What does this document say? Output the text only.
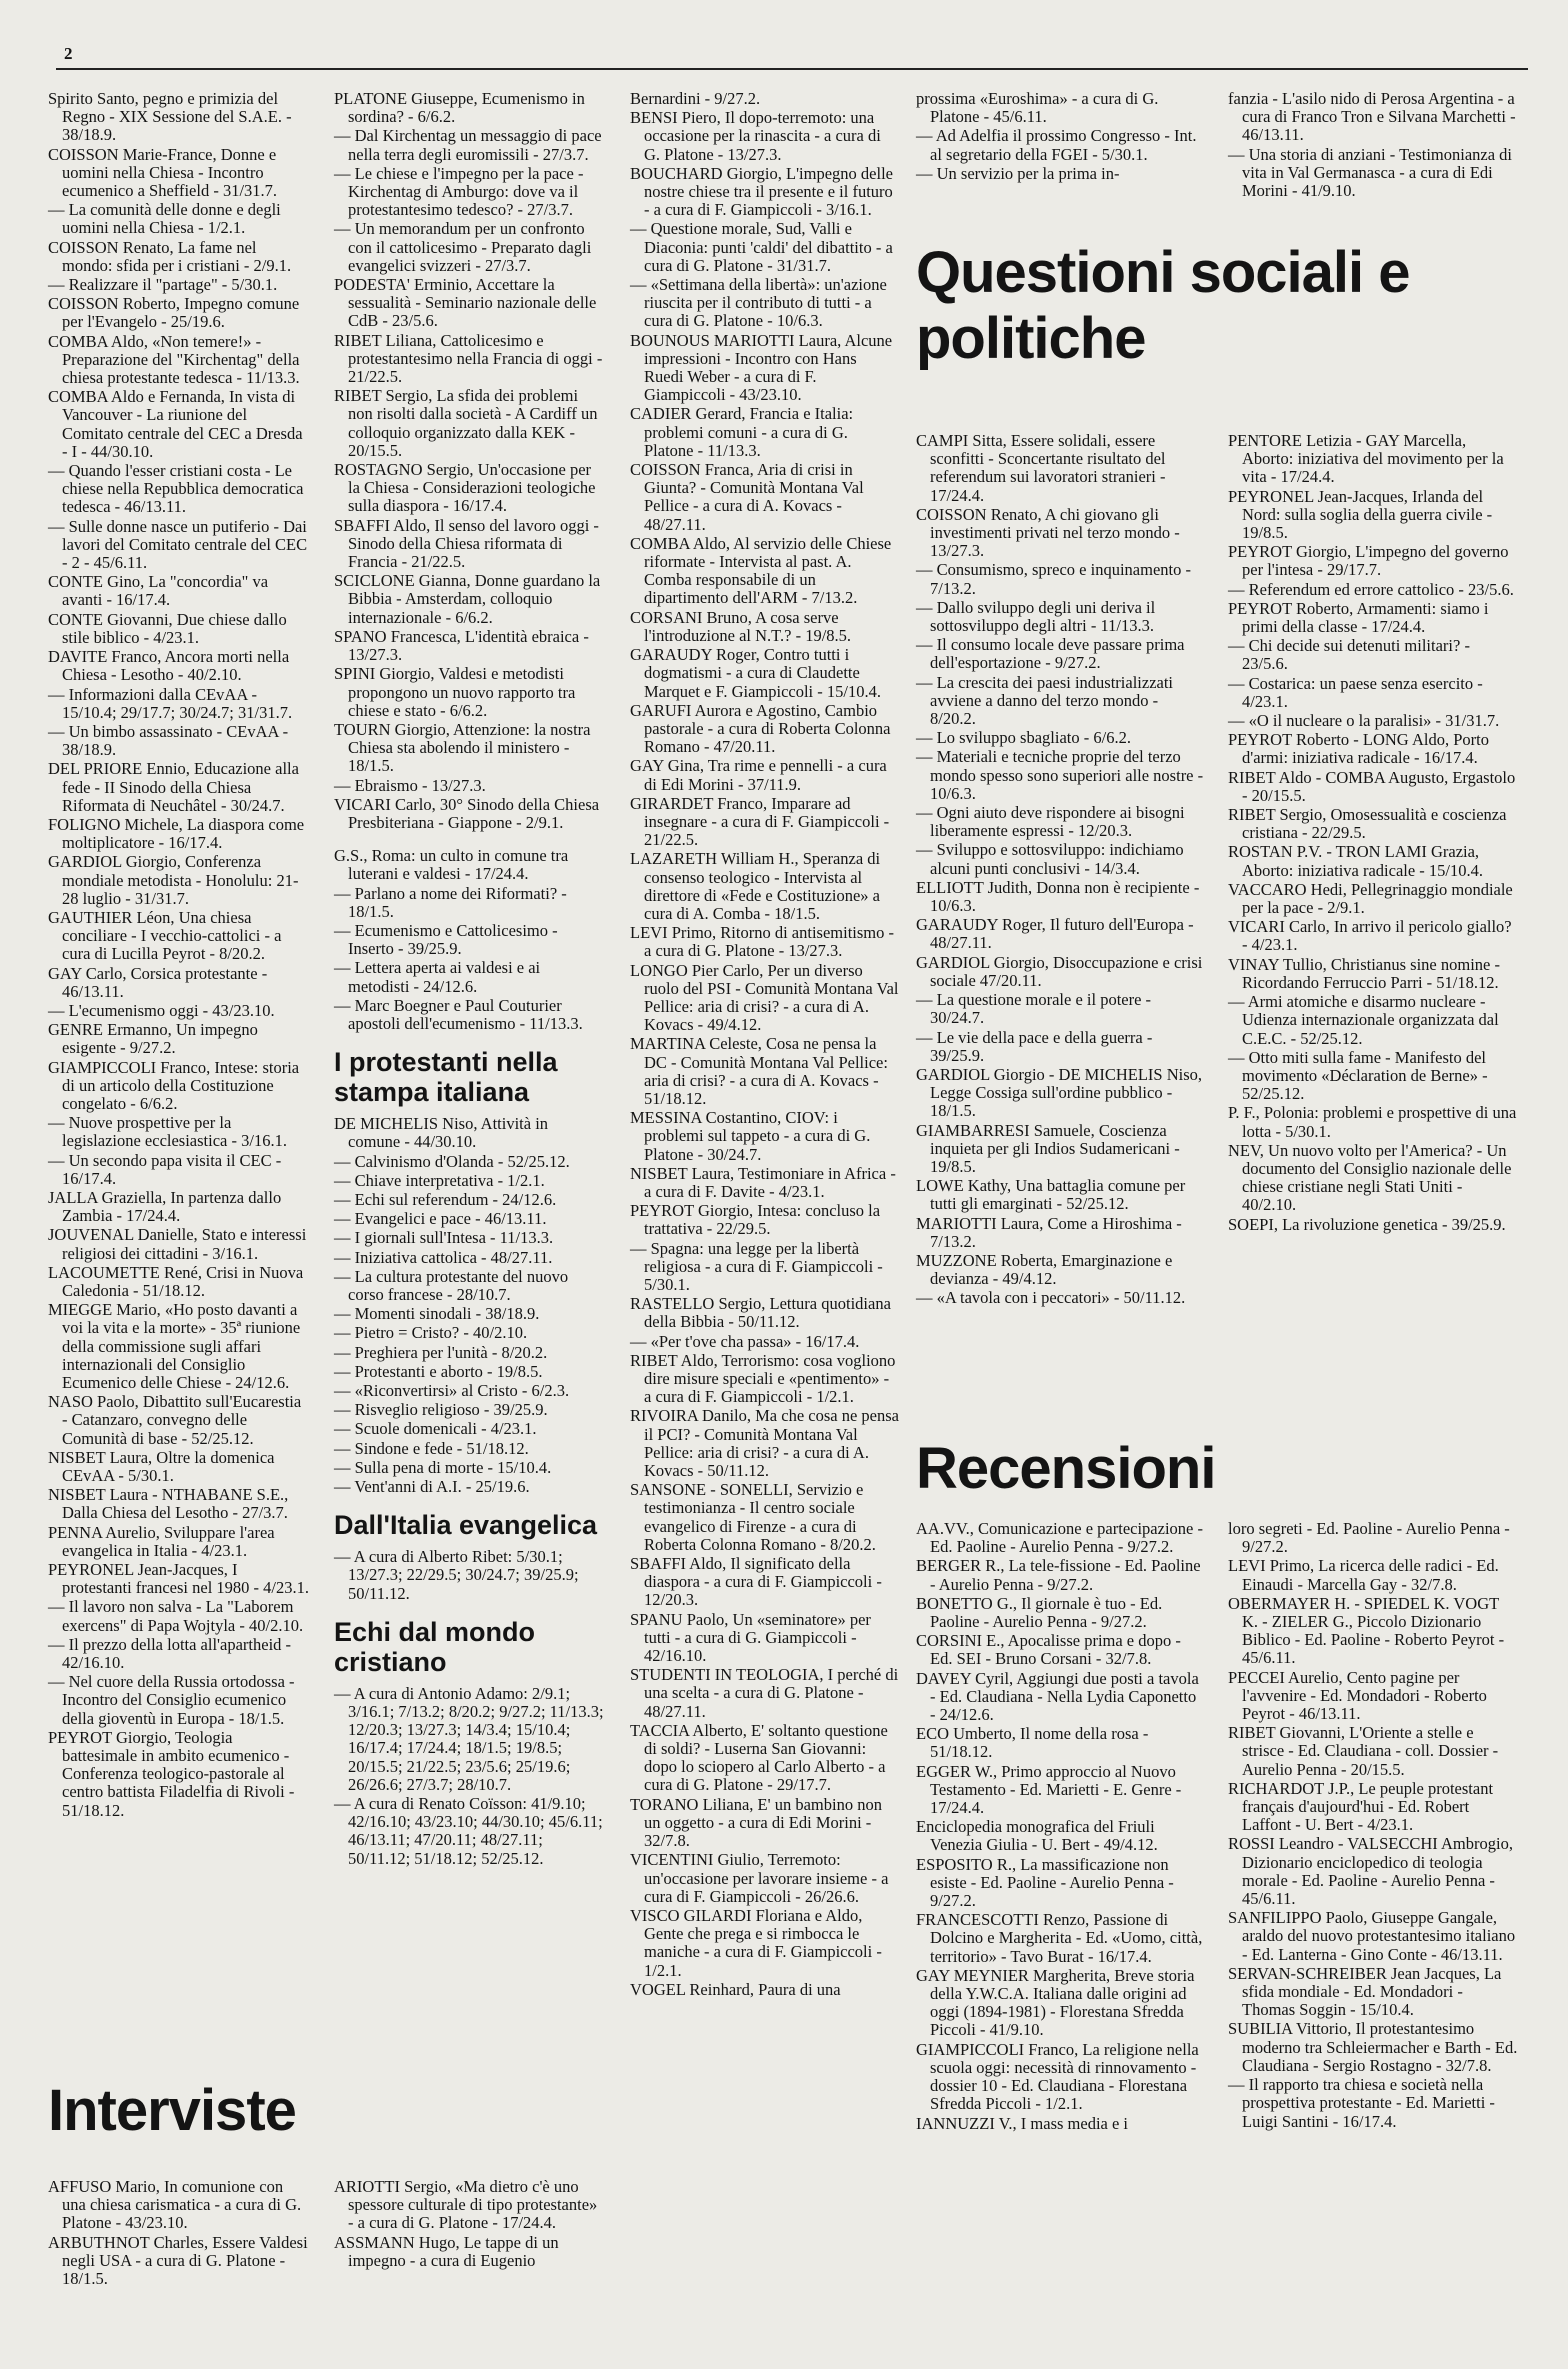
2
Spirito Santo, pegno e primizia del Regno - XIX Sessione del S.A.E. - 38/18.9.
COISSON Marie-France, Donne e uomini nella Chiesa - Incontro ecumenico a Sheffield - 31/31.7.
— La comunità delle donne e degli uomini nella Chiesa - 1/2.1.
COISSON Renato, La fame nel mondo: sfida per i cristiani - 2/9.1.
— Realizzare il "partage" - 5/30.1.
COISSON Roberto, Impegno comune per l'Evangelo - 25/19.6.
COMBA Aldo, «Non temere!» - Preparazione del "Kirchentag" della chiesa protestante tedesca - 11/13.3.
COMBA Aldo e Fernanda, In vista di Vancouver - La riunione del Comitato centrale del CEC a Dresda - I - 44/30.10.
— Quando l'esser cristiani costa - Le chiese nella Repubblica democratica tedesca - 46/13.11.
— Sulle donne nasce un putiferio - Dai lavori del Comitato centrale del CEC - 2 - 45/6.11.
CONTE Gino, La "concordia" va avanti - 16/17.4.
CONTE Giovanni, Due chiese dallo stile biblico - 4/23.1.
DAVITE Franco, Ancora morti nella Chiesa - Lesotho - 40/2.10.
— Informazioni dalla CEvAA - 15/10.4; 29/17.7; 30/24.7; 31/31.7.
— Un bimbo assassinato - CEvAA - 38/18.9.
DEL PRIORE Ennio, Educazione alla fede - II Sinodo della Chiesa Riformata di Neuchâtel - 30/24.7.
FOLIGNO Michele, La diaspora come moltiplicatore - 16/17.4.
GARDIOL Giorgio, Conferenza mondiale metodista - Honolulu: 21-28 luglio - 31/31.7.
GAUTHIER Léon, Una chiesa conciliare - I vecchio-cattolici - a cura di Lucilla Peyrot - 8/20.2.
GAY Carlo, Corsica protestante - 46/13.11.
— L'ecumenismo oggi - 43/23.10.
GENRE Ermanno, Un impegno esigente - 9/27.2.
GIAMPICCOLI Franco, Intese: storia di un articolo della Costituzione congelato - 6/6.2.
— Nuove prospettive per la legislazione ecclesiastica - 3/16.1.
— Un secondo papa visita il CEC - 16/17.4.
JALLA Graziella, In partenza dallo Zambia - 17/24.4.
JOUVENAL Danielle, Stato e interessi religiosi dei cittadini - 3/16.1.
LACOUMETTE René, Crisi in Nuova Caledonia - 51/18.12.
MIEGGE Mario, «Ho posto davanti a voi la vita e la morte» - 35ª riunione della commissione sugli affari internazionali del Consiglio Ecumenico delle Chiese - 24/12.6.
NASO Paolo, Dibattito sull'Eucarestia - Catanzaro, convegno delle Comunità di base - 52/25.12.
NISBET Laura, Oltre la domenica CEvAA - 5/30.1.
NISBET Laura - NTHABANE S.E., Dalla Chiesa del Lesotho - 27/3.7.
PENNA Aurelio, Sviluppare l'area evangelica in Italia - 4/23.1.
PEYRONEL Jean-Jacques, I protestanti francesi nel 1980 - 4/23.1.
— Il lavoro non salva - La "Laborem exercens" di Papa Wojtyla - 40/2.10.
— Il prezzo della lotta all'apartheid - 42/16.10.
— Nel cuore della Russia ortodossa - Incontro del Consiglio ecumenico della gioventù in Europa - 18/1.5.
PEYROT Giorgio, Teologia battesimale in ambito ecumenico - Conferenza teologico-pastorale al centro battista Filadelfia di Rivoli - 51/18.12.
PLATONE Giuseppe, Ecumenismo in sordina? - 6/6.2.
— Dal Kirchentag un messaggio di pace nella terra degli euromissili - 27/3.7.
— Le chiese e l'impegno per la pace - Kirchentag di Amburgo: dove va il protestantesimo tedesco? - 27/3.7.
— Un memorandum per un confronto con il cattolicesimo - Preparato dagli evangelici svizzeri - 27/3.7.
PODESTA' Erminio, Accettare la sessualità - Seminario nazionale delle CdB - 23/5.6.
RIBET Liliana, Cattolicesimo e protestantesimo nella Francia di oggi - 21/22.5.
RIBET Sergio, La sfida dei problemi non risolti dalla società - A Cardiff un colloquio organizzato dalla KEK - 20/15.5.
ROSTAGNO Sergio, Un'occasione per la Chiesa - Considerazioni teologiche sulla diaspora - 16/17.4.
SBAFFI Aldo, Il senso del lavoro oggi - Sinodo della Chiesa riformata di Francia - 21/22.5.
SCICLONE Gianna, Donne guardano la Bibbia - Amsterdam, colloquio internazionale - 6/6.2.
SPANO Francesca, L'identità ebraica - 13/27.3.
SPINI Giorgio, Valdesi e metodisti propongono un nuovo rapporto tra chiese e stato - 6/6.2.
TOURN Giorgio, Attenzione: la nostra Chiesa sta abolendo il ministero - 18/1.5.
— Ebraismo - 13/27.3.
VICARI Carlo, 30° Sinodo della Chiesa Presbiteriana - Giappone - 2/9.1.
G.S., Roma: un culto in comune tra luterani e valdesi - 17/24.4.
— Parlano a nome dei Riformati? - 18/1.5.
— Ecumenismo e Cattolicesimo - Inserto - 39/25.9.
— Lettera aperta ai valdesi e ai metodisti - 24/12.6.
— Marc Boegner e Paul Couturier apostoli dell'ecumenismo - 11/13.3.
I protestanti nella stampa italiana
DE MICHELIS Niso, Attività in comune - 44/30.10.
— Calvinismo d'Olanda - 52/25.12.
— Chiave interpretativa - 1/2.1.
— Echi sul referendum - 24/12.6.
— Evangelici e pace - 46/13.11.
— I giornali sull'Intesa - 11/13.3.
— Iniziativa cattolica - 48/27.11.
— La cultura protestante del nuovo corso francese - 28/10.7.
— Momenti sinodali - 38/18.9.
— Pietro = Cristo? - 40/2.10.
— Preghiera per l'unità - 8/20.2.
— Protestanti e aborto - 19/8.5.
— «Riconvertirsi» al Cristo - 6/2.3.
— Risveglio religioso - 39/25.9.
— Scuole domenicali - 4/23.1.
— Sindone e fede - 51/18.12.
— Sulla pena di morte - 15/10.4.
— Vent'anni di A.I. - 25/19.6.
Dall'Italia evangelica
— A cura di Alberto Ribet: 5/30.1; 13/27.3; 22/29.5; 30/24.7; 39/25.9; 50/11.12.
Echi dal mondo cristiano
— A cura di Antonio Adamo: 2/9.1; 3/16.1; 7/13.2; 8/20.2; 9/27.2; 11/13.3; 12/20.3; 13/27.3; 14/3.4; 15/10.4; 16/17.4; 17/24.4; 18/1.5; 19/8.5; 20/15.5; 21/22.5; 23/5.6; 25/19.6; 26/26.6; 27/3.7; 28/10.7.
— A cura di Renato Coïsson: 41/9.10; 42/16.10; 43/23.10; 44/30.10; 45/6.11; 46/13.11; 47/20.11; 48/27.11; 50/11.12; 51/18.12; 52/25.12.
Bernardini - 9/27.2.
BENSI Piero, Il dopo-terremoto: una occasione per la rinascita - a cura di G. Platone - 13/27.3.
BOUCHARD Giorgio, L'impegno delle nostre chiese tra il presente e il futuro - a cura di F. Giampiccoli - 3/16.1.
— Questione morale, Sud, Valli e Diaconia: punti 'caldi' del dibattito - a cura di G. Platone - 31/31.7.
— «Settimana della libertà»: un'azione riuscita per il contributo di tutti - a cura di G. Platone - 10/6.3.
BOUNOUS MARIOTTI Laura, Alcune impressioni - Incontro con Hans Ruedi Weber - a cura di F. Giampiccoli - 43/23.10.
CADIER Gerard, Francia e Italia: problemi comuni - a cura di G. Platone - 11/13.3.
COISSON Franca, Aria di crisi in Giunta? - Comunità Montana Val Pellice - a cura di A. Kovacs - 48/27.11.
COMBA Aldo, Al servizio delle Chiese riformate - Intervista al past. A. Comba responsabile di un dipartimento dell'ARM - 7/13.2.
CORSANI Bruno, A cosa serve l'introduzione al N.T.? - 19/8.5.
GARAUDY Roger, Contro tutti i dogmatismi - a cura di Claudette Marquet e F. Giampiccoli - 15/10.4.
GARUFI Aurora e Agostino, Cambio pastorale - a cura di Roberta Colonna Romano - 47/20.11.
GAY Gina, Tra rime e pennelli - a cura di Edi Morini - 37/11.9.
GIRARDET Franco, Imparare ad insegnare - a cura di F. Giampiccoli - 21/22.5.
LAZARETH William H., Speranza di consenso teologico - Intervista al direttore di «Fede e Costituzione» a cura di A. Comba - 18/1.5.
LEVI Primo, Ritorno di antisemitismo - a cura di G. Platone - 13/27.3.
LONGO Pier Carlo, Per un diverso ruolo del PSI - Comunità Montana Val Pellice: aria di crisi? - a cura di A. Kovacs - 49/4.12.
MARTINA Celeste, Cosa ne pensa la DC - Comunità Montana Val Pellice: aria di crisi? - a cura di A. Kovacs - 51/18.12.
MESSINA Costantino, CIOV: i problemi sul tappeto - a cura di G. Platone - 30/24.7.
NISBET Laura, Testimoniare in Africa - a cura di F. Davite - 4/23.1.
PEYROT Giorgio, Intesa: concluso la trattativa - 22/29.5.
— Spagna: una legge per la libertà religiosa - a cura di F. Giampiccoli - 5/30.1.
RASTELLO Sergio, Lettura quotidiana della Bibbia - 50/11.12.
— «Per t'ove cha passa» - 16/17.4.
RIBET Aldo, Terrorismo: cosa vogliono dire misure speciali e «pentimento» - a cura di F. Giampiccoli - 1/2.1.
RIVOIRA Danilo, Ma che cosa ne pensa il PCI? - Comunità Montana Val Pellice: aria di crisi? - a cura di A. Kovacs - 50/11.12.
SANSONE - SONELLI, Servizio e testimonianza - Il centro sociale evangelico di Firenze - a cura di Roberta Colonna Romano - 8/20.2.
SBAFFI Aldo, Il significato della diaspora - a cura di F. Giampiccoli - 12/20.3.
SPANU Paolo, Un «seminatore» per tutti - a cura di G. Giampiccoli - 42/16.10.
STUDENTI IN TEOLOGIA, I perché di una scelta - a cura di G. Platone - 48/27.11.
TACCIA Alberto, E' soltanto questione di soldi? - Luserna San Giovanni: dopo lo sciopero al Carlo Alberto - a cura di G. Platone - 29/17.7.
TORANO Liliana, E' un bambino non un oggetto - a cura di Edi Morini - 32/7.8.
VICENTINI Giulio, Terremoto: un'occasione per lavorare insieme - a cura di F. Giampiccoli - 26/26.6.
VISCO GILARDI Floriana e Aldo, Gente che prega e si rimbocca le maniche - a cura di F. Giampiccoli - 1/2.1.
VOGEL Reinhard, Paura di una
prossima «Euroshima» - a cura di G. Platone - 45/6.11.
— Ad Adelfia il prossimo Congresso - Int. al segretario della FGEI - 5/30.1.
— Un servizio per la prima in-
fanzia - L'asilo nido di Perosa Argentina - a cura di Franco Tron e Silvana Marchetti - 46/13.11.
— Una storia di anziani - Testimonianza di vita in Val Germanasca - a cura di Edi Morini - 41/9.10.
Questioni sociali e politiche
CAMPI Sitta, Essere solidali, essere sconfitti - Sconcertante risultato del referendum sui lavoratori stranieri - 17/24.4.
COISSON Renato, A chi giovano gli investimenti privati nel terzo mondo - 13/27.3.
— Consumismo, spreco e inquinamento - 7/13.2.
— Dallo sviluppo degli uni deriva il sottosviluppo degli altri - 11/13.3.
— Il consumo locale deve passare prima dell'esportazione - 9/27.2.
— La crescita dei paesi industrializzati avviene a danno del terzo mondo - 8/20.2.
— Lo sviluppo sbagliato - 6/6.2.
— Materiali e tecniche proprie del terzo mondo spesso sono superiori alle nostre - 10/6.3.
— Ogni aiuto deve rispondere ai bisogni liberamente espressi - 12/20.3.
— Sviluppo e sottosviluppo: indichiamo alcuni punti conclusivi - 14/3.4.
ELLIOTT Judith, Donna non è recipiente - 10/6.3.
GARAUDY Roger, Il futuro dell'Europa - 48/27.11.
GARDIOL Giorgio, Disoccupazione e crisi sociale 47/20.11.
— La questione morale e il potere - 30/24.7.
— Le vie della pace e della guerra - 39/25.9.
GARDIOL Giorgio - DE MICHELIS Niso, Legge Cossiga sull'ordine pubblico - 18/1.5.
GIAMBARRESI Samuele, Coscienza inquieta per gli Indios Sudamericani - 19/8.5.
LOWE Kathy, Una battaglia comune per tutti gli emarginati - 52/25.12.
MARIOTTI Laura, Come a Hiroshima - 7/13.2.
MUZZONE Roberta, Emarginazione e devianza - 49/4.12.
— «A tavola con i peccatori» - 50/11.12.
PENTORE Letizia - GAY Marcella, Aborto: iniziativa del movimento per la vita - 17/24.4.
PEYRONEL Jean-Jacques, Irlanda del Nord: sulla soglia della guerra civile - 19/8.5.
PEYROT Giorgio, L'impegno del governo per l'intesa - 29/17.7.
— Referendum ed errore cattolico - 23/5.6.
PEYROT Roberto, Armamenti: siamo i primi della classe - 17/24.4.
— Chi decide sui detenuti militari? - 23/5.6.
— Costarica: un paese senza esercito - 4/23.1.
— «O il nucleare o la paralisi» - 31/31.7.
PEYROT Roberto - LONG Aldo, Porto d'armi: iniziativa radicale - 16/17.4.
RIBET Aldo - COMBA Augusto, Ergastolo - 20/15.5.
RIBET Sergio, Omosessualità e coscienza cristiana - 22/29.5.
ROSTAN P.V. - TRON LAMI Grazia, Aborto: iniziativa radicale - 15/10.4.
VACCARO Hedi, Pellegrinaggio mondiale per la pace - 2/9.1.
VICARI Carlo, In arrivo il pericolo giallo? - 4/23.1.
VINAY Tullio, Christianus sine nomine - Ricordando Ferruccio Parri - 51/18.12.
— Armi atomiche e disarmo nucleare - Udienza internazionale organizzata dal C.E.C. - 52/25.12.
— Otto miti sulla fame - Manifesto del movimento «Déclaration de Berne» - 52/25.12.
P. F., Polonia: problemi e prospettive di una lotta - 5/30.1.
NEV, Un nuovo volto per l'America? - Un documento del Consiglio nazionale delle chiese cristiane negli Stati Uniti - 40/2.10.
SOEPI, La rivoluzione genetica - 39/25.9.
Recensioni
AA.VV., Comunicazione e partecipazione - Ed. Paoline - Aurelio Penna - 9/27.2.
BERGER R., La tele-fissione - Ed. Paoline - Aurelio Penna - 9/27.2.
BONETTO G., Il giornale è tuo - Ed. Paoline - Aurelio Penna - 9/27.2.
CORSINI E., Apocalisse prima e dopo - Ed. SEI - Bruno Corsani - 32/7.8.
DAVEY Cyril, Aggiungi due posti a tavola - Ed. Claudiana - Nella Lydia Caponetto - 24/12.6.
ECO Umberto, Il nome della rosa - 51/18.12.
EGGER W., Primo approccio al Nuovo Testamento - Ed. Marietti - E. Genre - 17/24.4.
Enciclopedia monografica del Friuli Venezia Giulia - U. Bert - 49/4.12.
ESPOSITO R., La massificazione non esiste - Ed. Paoline - Aurelio Penna - 9/27.2.
FRANCESCOTTI Renzo, Passione di Dolcino e Margherita - Ed. «Uomo, città, territorio» - Tavo Burat - 16/17.4.
GAY MEYNIER Margherita, Breve storia della Y.W.C.A. Italiana dalle origini ad oggi (1894-1981) - Florestana Sfredda Piccoli - 41/9.10.
GIAMPICCOLI Franco, La religione nella scuola oggi: necessità di rinnovamento - dossier 10 - Ed. Claudiana - Florestana Sfredda Piccoli - 1/2.1.
IANNUZZI V., I mass media e i
loro segreti - Ed. Paoline - Aurelio Penna - 9/27.2.
LEVI Primo, La ricerca delle radici - Ed. Einaudi - Marcella Gay - 32/7.8.
OBERMAYER H. - SPIEDEL K. VOGT K. - ZIELER G., Piccolo Dizionario Biblico - Ed. Paoline - Roberto Peyrot - 45/6.11.
PECCEI Aurelio, Cento pagine per l'avvenire - Ed. Mondadori - Roberto Peyrot - 46/13.11.
RIBET Giovanni, L'Oriente a stelle e strisce - Ed. Claudiana - coll. Dossier - Aurelio Penna - 20/15.5.
RICHARDOT J.P., Le peuple protestant français d'aujourd'hui - Ed. Robert Laffont - U. Bert - 4/23.1.
ROSSI Leandro - VALSECCHI Ambrogio, Dizionario enciclopedico di teologia morale - Ed. Paoline - Aurelio Penna - 45/6.11.
SANFILIPPO Paolo, Giuseppe Gangale, araldo del nuovo protestantesimo italiano - Ed. Lanterna - Gino Conte - 46/13.11.
SERVAN-SCHREIBER Jean Jacques, La sfida mondiale - Ed. Mondadori - Thomas Soggin - 15/10.4.
SUBILIA Vittorio, Il protestantesimo moderno tra Schleiermacher e Barth - Ed. Claudiana - Sergio Rostagno - 32/7.8.
— Il rapporto tra chiesa e società nella prospettiva protestante - Ed. Marietti - Luigi Santini - 16/17.4.
Interviste
AFFUSO Mario, In comunione con una chiesa carismatica - a cura di G. Platone - 43/23.10.
ARBUTHNOT Charles, Essere Valdesi negli USA - a cura di G. Platone - 18/1.5.
ARIOTTI Sergio, «Ma dietro c'è uno spessore culturale di tipo protestante» - a cura di G. Platone - 17/24.4.
ASSMANN Hugo, Le tappe di un impegno - a cura di Eugenio
